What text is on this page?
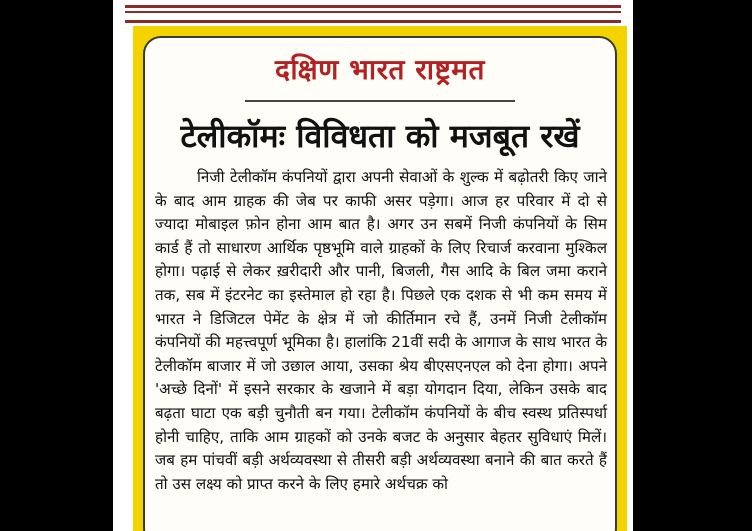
दक्षिण भारत राष्ट्रमत
टेलीकॉमः विविधता को मजबूत रखें

निजी टेलीकॉम कंपनियों द्वारा अपनी सेवाओं के शुल्क में बढ़ोतरी किए जाने के बाद आम ग्राहक की जेब पर काफी असर पड़ेगा। आज हर परिवार में दो से ज्यादा मोबाइल फ़ोन होना आम बात है। अगर उन सबमें निजी कंपनियों के सिम कार्ड हैं तो साधारण आर्थिक पृष्ठभूमि वाले ग्राहकों के लिए रिचार्ज करवाना मुश्किल होगा। पढ़ाई से लेकर ख़रीदारी और पानी, बिजली, गैस आदि के बिल जमा कराने तक, सब में इंटरनेट का इस्तेमाल हो रहा है। पिछले एक दशक से भी कम समय में भारत ने डिजिटल पेमेंट के क्षेत्र में जो कीर्तिमान रचे हैं, उनमें निजी टेलीकॉम कंपनियों की महत्त्वपूर्ण भूमिका है। हालांकि 21वीं सदी के आगाज के साथ भारत के टेलीकॉम बाजार में जो उछाल आया, उसका श्रेय बीएसएनएल को देना होगा। अपने 'अच्छे दिनों' में इसने सरकार के खजाने में बड़ा योगदान दिया, लेकिन उसके बाद बढ़ता घाटा एक बड़ी चुनौती बन गया। टेलीकॉम कंपनियों के बीच स्वस्थ प्रतिस्पर्धा होनी चाहिए, ताकि आम ग्राहकों को उनके बजट के अनुसार बेहतर सुविधाएं मिलें। जब हम पांचवीं बड़ी अर्थव्यवस्था से तीसरी बड़ी अर्थव्यवस्था बनाने की बात करते हैं तो उस लक्ष्य को प्राप्त करने के लिए हमारे अर्थचक्र को
